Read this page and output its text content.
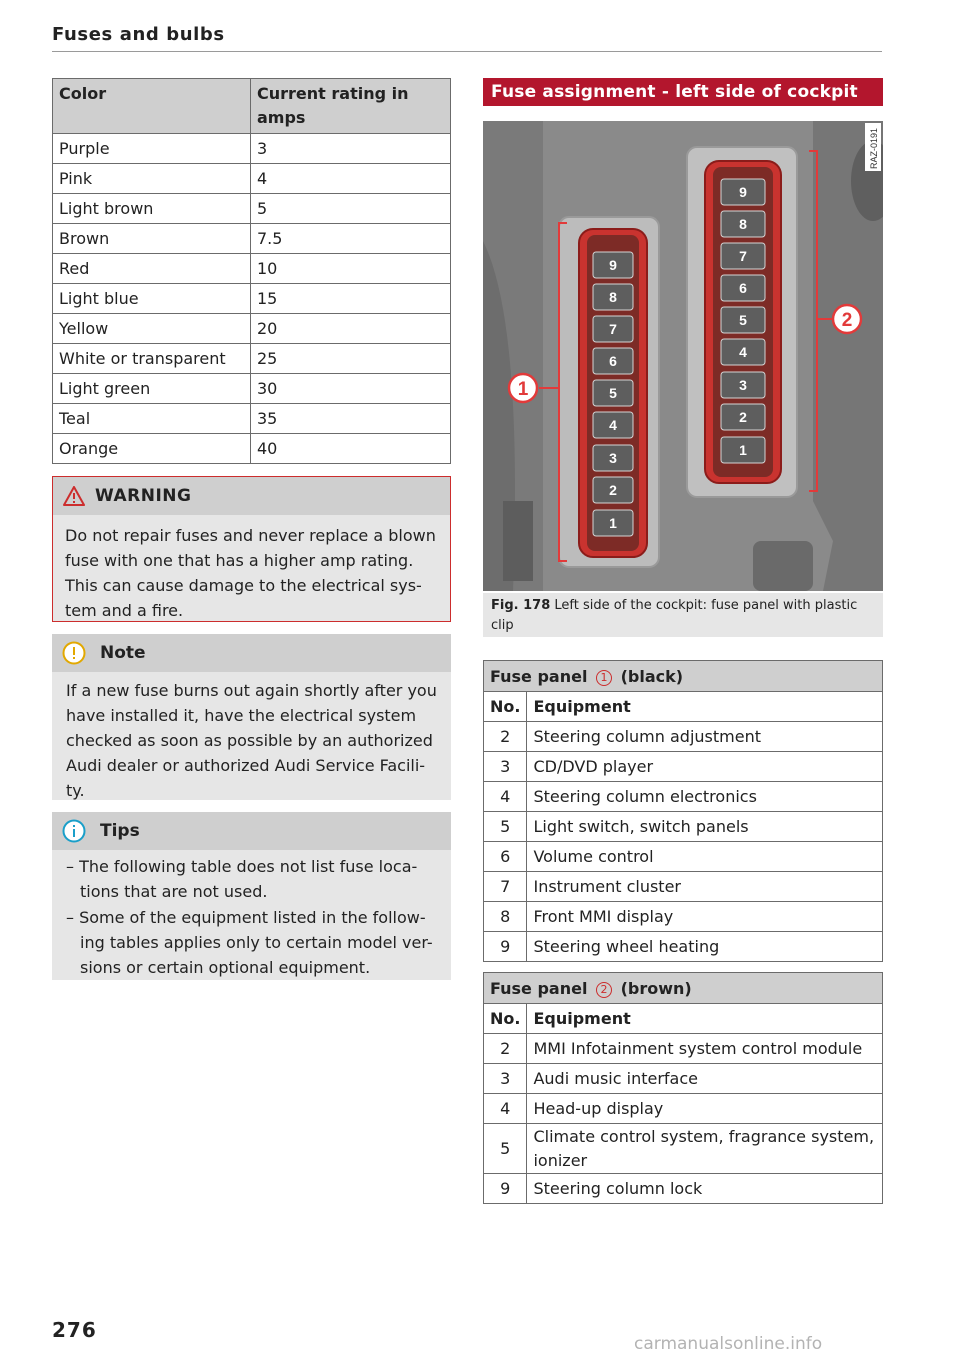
Fuses and bulbs
Color	Current rating in amps
Purple	3
Pink	4
Light brown	5
Brown	7.5
Red	10
Light blue	15
Yellow	20
White or transparent	25
Light green	30
Teal	35
Orange	40
WARNING
Do not repair fuses and never replace a blown fuse with one that has a higher amp rating. This can cause damage to the electrical sys-tem and a fire.
Note
If a new fuse burns out again shortly after you have installed it, have the electrical system checked as soon as possible by an authorized Audi dealer or authorized Audi Service Facili-ty.
Tips
– The following table does not list fuse loca-tions that are not used.
– Some of the equipment listed in the follow-ing tables applies only to certain model ver-sions or certain optional equipment.
Fuse assignment - left side of cockpit
9
8
7
6
5
4
3
2
1
9
8
7
6
5
4
3
2
1
1
2
RAZ-0191
Fig. 178 Left side of the cockpit: fuse panel with plastic clip
Fuse panel 1 (black)	
No.	Equipment
2	Steering column adjustment
3	CD/DVD player
4	Steering column electronics
5	Light switch, switch panels
6	Volume control
7	Instrument cluster
8	Front MMI display
9	Steering wheel heating
Fuse panel 2 (brown)	
No.	Equipment
2	MMI Infotainment system control module
3	Audi music interface
4	Head-up display
5	Climate control system, fragrance system, ionizer
9	Steering column lock
276
carmanualsonline.info
